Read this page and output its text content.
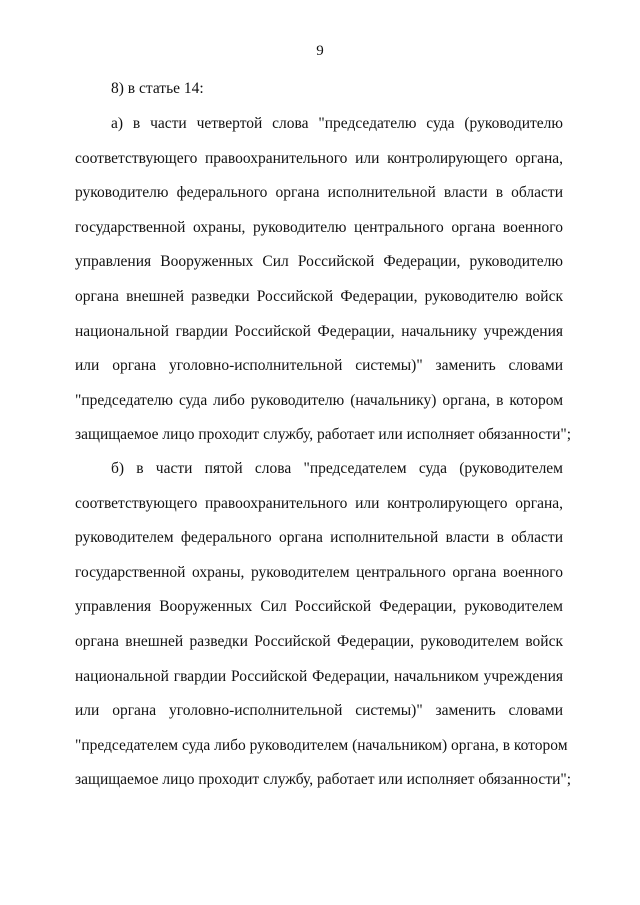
9
8) в статье 14:
а) в части четвертой слова "председателю суда (руководителю
соответствующего правоохранительного или контролирующего органа,
руководителю федерального органа исполнительной власти в области
государственной охраны, руководителю центрального органа военного
управления Вооруженных Сил Российской Федерации, руководителю
органа внешней разведки Российской Федерации, руководителю войск
национальной гвардии Российской Федерации, начальнику учреждения
или органа уголовно-исполнительной системы)" заменить словами
"председателю суда либо руководителю (начальнику) органа, в котором
защищаемое лицо проходит службу, работает или исполняет обязанности";
б) в части пятой слова "председателем суда (руководителем
соответствующего правоохранительного или контролирующего органа,
руководителем федерального органа исполнительной власти в области
государственной охраны, руководителем центрального органа военного
управления Вооруженных Сил Российской Федерации, руководителем
органа внешней разведки Российской Федерации, руководителем войск
национальной гвардии Российской Федерации, начальником учреждения
или органа уголовно-исполнительной системы)" заменить словами
"председателем суда либо руководителем (начальником) органа, в котором
защищаемое лицо проходит службу, работает или исполняет обязанности";
